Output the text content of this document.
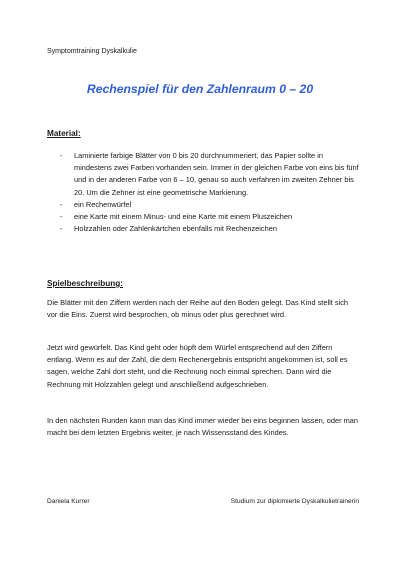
Symptomtraining Dyskalkulie
Rechenspiel für den Zahlenraum 0 – 20
Material:
- Laminierte farbige Blätter von 0 bis 20 durchnummeriert, das Papier sollte in mindestens zwei Farben vorhanden sein. Immer in der gleichen Farbe von eins bis fünf und in der anderen Farbe von 6 – 10, genau so auch verfahren im zweiten Zehner bis 20. Um die Zehner ist eine geometrische Markierung.
- ein Rechenwürfel
- eine Karte mit einem Minus- und eine Karte mit einem Pluszeichen
- Holzzahlen oder Zahlenkärtchen ebenfalls mit Rechenzeichen
Spielbeschreibung:

Die Blätter mit den Ziffern werden nach der Reihe auf den Boden gelegt. Das Kind stellt sich vor die Eins. Zuerst wird besprochen, ob minus oder plus gerechnet wird.

Jetzt wird gewürfelt. Das Kind geht oder hüpft dem Würfel entsprechend auf den Ziffern entlang. Wenn es auf der Zahl, die dem Rechenergebnis entspricht angekommen ist, soll es sagen, welche Zahl dort steht, und die Rechnung noch einmal sprechen. Dann wird die Rechnung mit Holzzahlen gelegt und anschließend aufgeschrieben.

In den nächsten Runden kann man das Kind immer wieder bei eins beginnen lassen, oder man macht bei dem letzten Ergebnis weiter, je nach Wissensstand des Kindes.

Daniela Kurrer	Studium zur diplomierte Dyskalkulietrainerin
